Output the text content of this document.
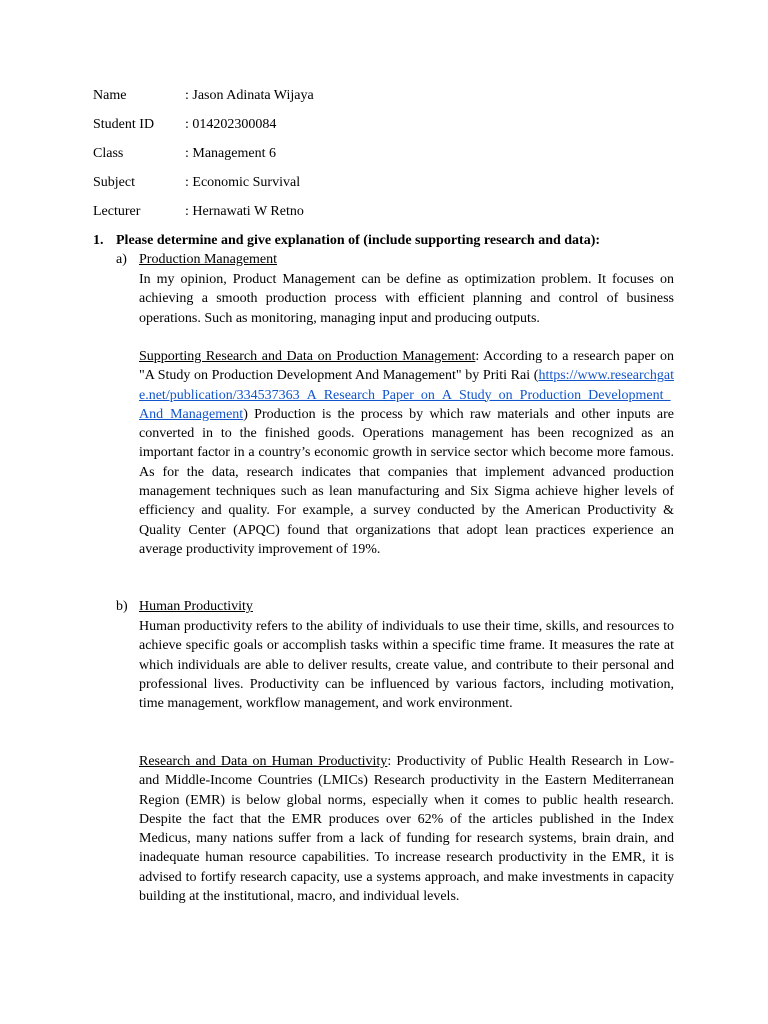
Name	: Jason Adinata Wijaya
Student ID : 014202300084
Class	: Management 6
Subject	: Economic Survival
Lecturer	: Hernawati W Retno
1. Please determine and give explanation of (include supporting research and data):
a) Production Management

In my opinion, Product Management can be define as optimization problem. It focuses on achieving a smooth production process with efficient planning and control of business operations. Such as monitoring, managing input and producing outputs.

Supporting Research and Data on Production Management: According to a research paper on "A Study on Production Development And Management" by Priti Rai (https://www.researchgate.net/publication/334537363_A_Research_Paper_on_A_Study_on_Production_Development_And_Management) Production is the process by which raw materials and other inputs are converted in to the finished goods. Operations management has been recognized as an important factor in a country’s economic growth in service sector which become more famous. As for the data, research indicates that companies that implement advanced production management techniques such as lean manufacturing and Six Sigma achieve higher levels of efficiency and quality. For example, a survey conducted by the American Productivity & Quality Center (APQC) found that organizations that adopt lean practices experience an average productivity improvement of 19%.

b) Human Productivity

Human productivity refers to the ability of individuals to use their time, skills, and resources to achieve specific goals or accomplish tasks within a specific time frame. It measures the rate at which individuals are able to deliver results, create value, and contribute to their personal and professional lives. Productivity can be influenced by various factors, including motivation, time management, workflow management, and work environment.

Research and Data on Human Productivity: Productivity of Public Health Research in Low- and Middle-Income Countries (LMICs) Research productivity in the Eastern Mediterranean Region (EMR) is below global norms, especially when it comes to public health research. Despite the fact that the EMR produces over 62% of the articles published in the Index Medicus, many nations suffer from a lack of funding for research systems, brain drain, and inadequate human resource capabilities. To increase research productivity in the EMR, it is advised to fortify research capacity, use a systems approach, and make investments in capacity building at the institutional, macro, and individual levels.
